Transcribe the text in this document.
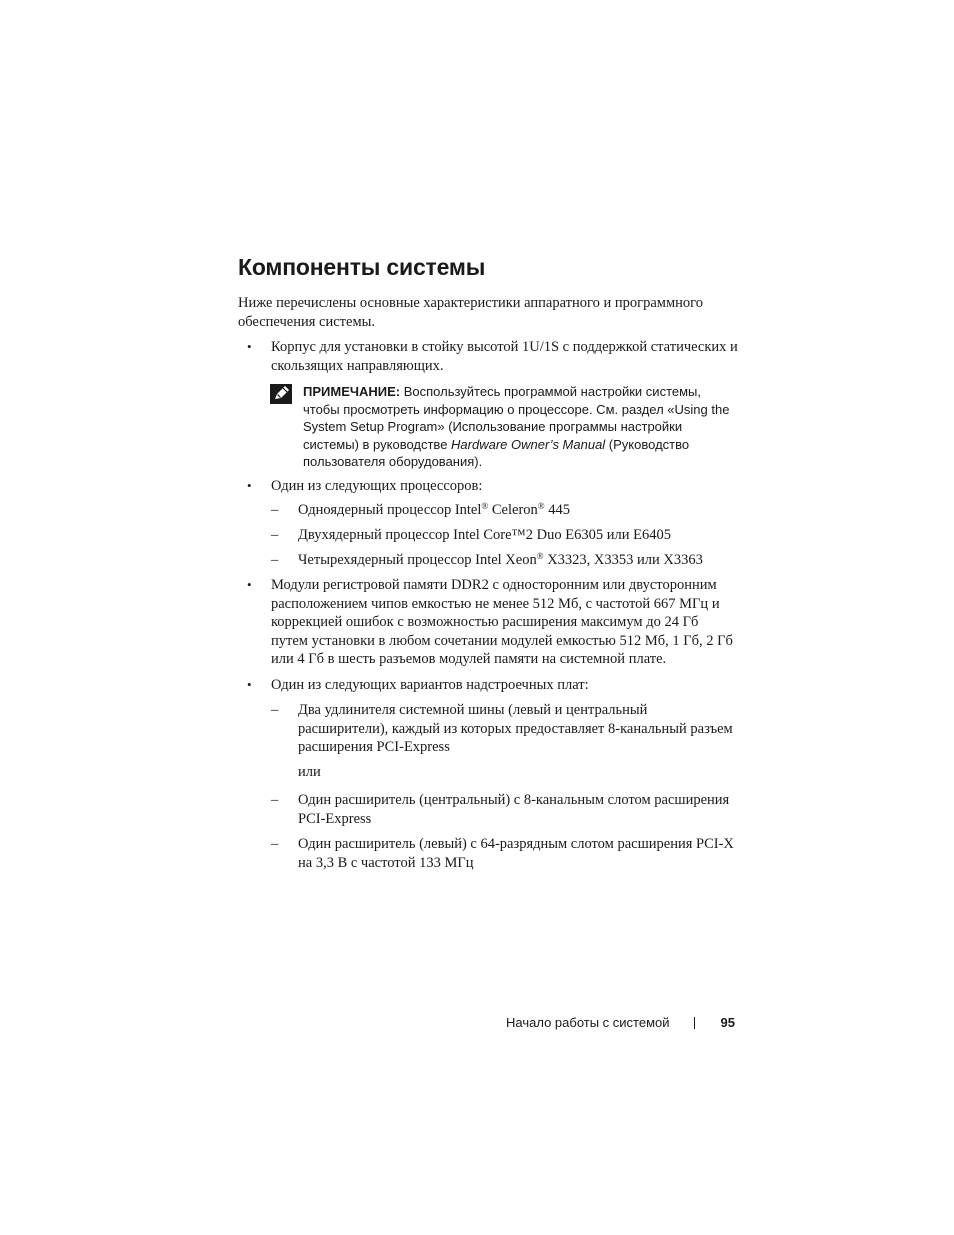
Компоненты системы

Ниже перечислены основные характеристики аппаратного и программного обеспечения системы.

• Корпус для установки в стойку высотой 1U/1S с поддержкой статических и скользящих направляющих.
ПРИМЕЧАНИЕ: Воспользуйтесь программой настройки системы, чтобы просмотреть информацию о процессоре. См. раздел «Using the System Setup Program» (Использование программы настройки системы) в руководстве Hardware Owner’s Manual (Руководство пользователя оборудования).
• Один из следующих процессоров:
– Одноядерный процессор Intel® Celeron® 445
– Двухядерный процессор Intel Core™2 Duo E6305 или E6405
– Четырехядерный процессор Intel Xeon® X3323, X3353 или X3363
• Модули регистровой памяти DDR2 с односторонним или двусторонним расположением чипов емкостью не менее 512 Мб, с частотой 667 МГц и коррекцией ошибок с возможностью расширения максимум до 24 Гб путем установки в любом сочетании модулей емкостью 512 Мб, 1 Гб, 2 Гб или 4 Гб в шесть разъемов модулей памяти на системной плате.
• Один из следующих вариантов надстроечных плат:
– Два удлинителя системной шины (левый и центральный расширители), каждый из которых предоставляет 8-канальный разъем расширения PCI-Express
или
– Один расширитель (центральный) с 8-канальным слотом расширения PCI-Express
– Один расширитель (левый) с 64-разрядным слотом расширения PCI-X на 3,3 В с частотой 133 МГц
Начало работы с системой	95
